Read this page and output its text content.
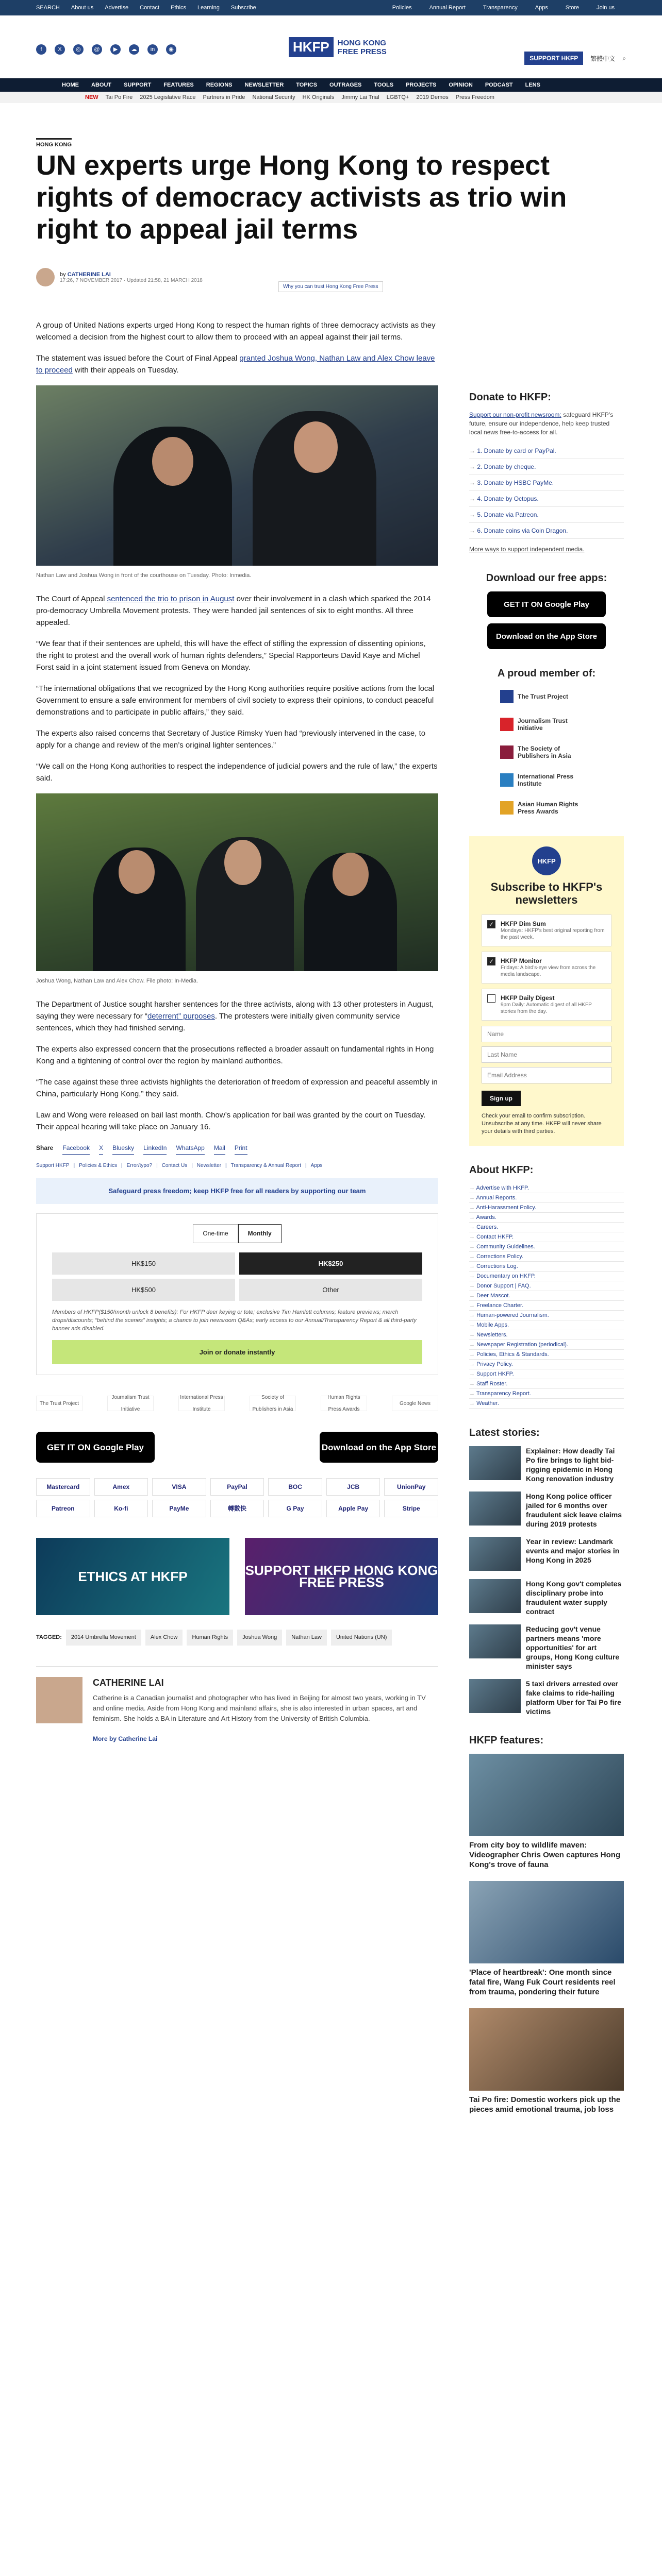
SEARCH About us Advertise Contact Ethics Learning Subscribe	Policies	Annual Report	Transparency	Apps	Store	Join us
f	X	◎	@	▶	☁	in	◉	HKFP	HONG KONG
FREE PRESS
SUPPORT HKFP	繁體中文 ⌕
HOME ABOUT SUPPORT FEATURES REGIONS NEWSLETTER TOPICS OUTRAGES TOOLS PROJECTS OPINION PODCAST LENS
NEW Tai Po Fire 2025 Legislative Race Partners in Pride National Security HK Originals Jimmy Lai Trial LGBTQ+ 2019 Demos Press Freedom
HONG KONG
UN experts urge Hong Kong to respect rights of democracy activists as trio win right to appeal jail terms
by CATHERINE LAI
17:26, 7 NOVEMBER 2017 · Updated 21:58, 21 MARCH 2018
Why you can trust Hong Kong Free Press

A group of United Nations experts urged Hong Kong to respect the human rights of three democracy activists as they welcomed a decision from the highest court to allow them to proceed with an appeal against their jail terms.

The statement was issued before the Court of Final Appeal granted Joshua Wong, Nathan Law and Alex Chow leave to proceed with their appeals on Tuesday.

Nathan Law and Joshua Wong in front of the courthouse on Tuesday. Photo: Inmedia.

The Court of Appeal sentenced the trio to prison in August over their involvement in a clash which sparked the 2014 pro-democracy Umbrella Movement protests. They were handed jail sentences of six to eight months. All three appealed.

“We fear that if their sentences are upheld, this will have the effect of stifling the expression of dissenting opinions, the right to protest and the overall work of human rights defenders,” Special Rapporteurs David Kaye and Michel Forst said in a joint statement issued from Geneva on Monday.

“The international obligations that we recognized by the Hong Kong authorities require positive actions from the local Government to ensure a safe environment for members of civil society to express their opinions, to conduct peaceful demonstrations and to participate in public affairs,” they said.

The experts also raised concerns that Secretary of Justice Rimsky Yuen had “previously intervened in the case, to apply for a change and review of the men’s original lighter sentences.”

“We call on the Hong Kong authorities to respect the independence of judicial powers and the rule of law,” the experts said.

Joshua Wong, Nathan Law and Alex Chow. File photo: In-Media.

The Department of Justice sought harsher sentences for the three activists, along with 13 other protesters in August, saying they were necessary for “deterrent” purposes. The protesters were initially given community service sentences, which they had finished serving.

The experts also expressed concern that the prosecutions reflected a broader assault on fundamental rights in Hong Kong and a tightening of control over the region by mainland authorities.

“The case against these three activists highlights the deterioration of freedom of expression and peaceful assembly in China, particularly Hong Kong,” they said.

Law and Wong were released on bail last month. Chow’s application for bail was granted by the court on Tuesday. Their appeal hearing will take place on January 16.

Share Facebook X Bluesky LinkedIn WhatsApp Mail Print
Support HKFP | Policies & Ethics | Error/typo? | Contact Us | Newsletter | Transparency & Annual Report | Apps
Safeguard press freedom; keep HKFP free for all readers by supporting our team
One-time	Monthly
HK$150	HK$250
HK$500	Other
Members of HKFP($150/month unlock 8 benefits): For HKFP deer keying or tote; exclusive Tim Hamlett columns; feature previews; merch drops/discounts; “behind the scenes” insights; a chance to join newsroom Q&As; early access to our Annual/Transparency Report & all third-party banner ads disabled.
Join or donate instantly
The Trust Project
Journalism Trust Initiative
International Press Institute
Society of Publishers in Asia
Human Rights Press Awards
Google News
GET IT ON Google Play	Download on the App Store
Mastercard	Amex	VISA	PayPal	BOC	JCB	UnionPay
Patreon	Ko-fi	PayMe	轉數快	G Pay	Apple Pay	Stripe
ETHICS AT HKFP	SUPPORT HKFP HONG KONG FREE PRESS
TAGGED:	2014 Umbrella Movement	Alex Chow	Human Rights	Joshua Wong	Nathan Law	United Nations (UN)
CATHERINE LAI

Catherine is a Canadian journalist and photographer who has lived in Beijing for almost two years, working in TV and online media. Aside from Hong Kong and mainland affairs, she is also interested in urban spaces, art and feminism. She holds a BA in Literature and Art History from the University of British Columbia.

More by Catherine Lai
Donate to HKFP:

Support our non-profit newsroom: safeguard HKFP’s future, ensure our independence, help keep trusted local news free-to-access for all.

→ 1. Donate by card or PayPal.
→ 2. Donate by cheque.
→ 3. Donate by HSBC PayMe.
→ 4. Donate by Octopus.
→ 5. Donate via Patreon.
→ 6. Donate coins via Coin Dragon.

More ways to support independent media.

Download our free apps:
GET IT ON Google Play
Download on the App Store
A proud member of:
The Trust Project
Journalism Trust Initiative
The Society of Publishers in Asia
International Press Institute
Asian Human Rights Press Awards
HKFP
Subscribe to HKFP's newsletters
✓ HKFP Dim Sum
Mondays: HKFP's best original reporting from the past week.
✓ HKFP Monitor
Fridays: A bird's-eye view from across the media landscape.
HKFP Daily Digest
9pm Daily: Automatic digest of all HKFP stories from the day.
Name Last Name Email Address Sign up
Check your email to confirm subscription. Unsubscribe at any time. HKFP will never share your details with third parties.
About HKFP:
→ Advertise with HKFP.
→ Annual Reports.
→ Anti-Harassment Policy.
→ Awards.
→ Careers.
→ Contact HKFP.
→ Community Guidelines.
→ Corrections Policy.
→ Corrections Log.
→ Documentary on HKFP.
→ Donor Support | FAQ.
→ Deer Mascot.
→ Freelance Charter.
→ Human-powered Journalism.
→ Mobile Apps.
→ Newsletters.
→ Newspaper Registration (periodical).
→ Policies, Ethics & Standards.
→ Privacy Policy.
→ Support HKFP.
→ Staff Roster.
→ Transparency Report.
→ Weather.
Latest stories:
Explainer: How deadly Tai Po fire brings to light bid-rigging epidemic in Hong Kong renovation industry
Hong Kong police officer jailed for 6 months over fraudulent sick leave claims during 2019 protests
Year in review: Landmark events and major stories in Hong Kong in 2025
Hong Kong gov't completes disciplinary probe into fraudulent water supply contract
Reducing gov't venue partners means 'more opportunities' for art groups, Hong Kong culture minister says
5 taxi drivers arrested over fake claims to ride-hailing platform Uber for Tai Po fire victims
HKFP features:
From city boy to wildlife maven: Videographer Chris Owen captures Hong Kong's trove of fauna
'Place of heartbreak': One month since fatal fire, Wang Fuk Court residents reel from trauma, pondering their future
Tai Po fire: Domestic workers pick up the pieces amid emotional trauma, job loss
